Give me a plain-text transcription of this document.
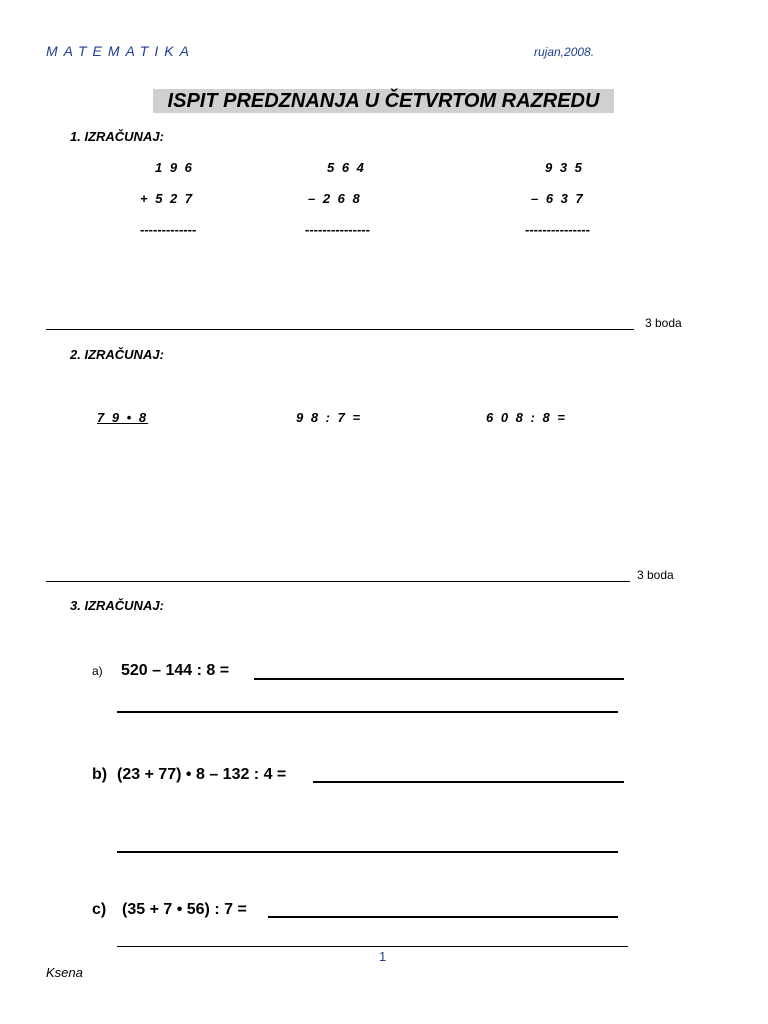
MATEMATIKA	rujan,2008.
ISPIT PREDZNANJA U ČETVRTOM RAZREDU
1. IZRAČUNAJ:
1 9 6
+ 5 2 7
-------------
5 6 4
– 2 6 8
---------------
9 3 5
– 6 3 7
---------------
3 boda
2. IZRAČUNAJ:
7 9 • 8	9 8 : 7 =	6 0 8 : 8 =
3 boda
3. IZRAČUNAJ:
a) 520 – 144 : 8 =
b) (23 + 77) • 8 – 132 : 4 =
c) (35 + 7 • 56) : 7 =
1
Ksena
